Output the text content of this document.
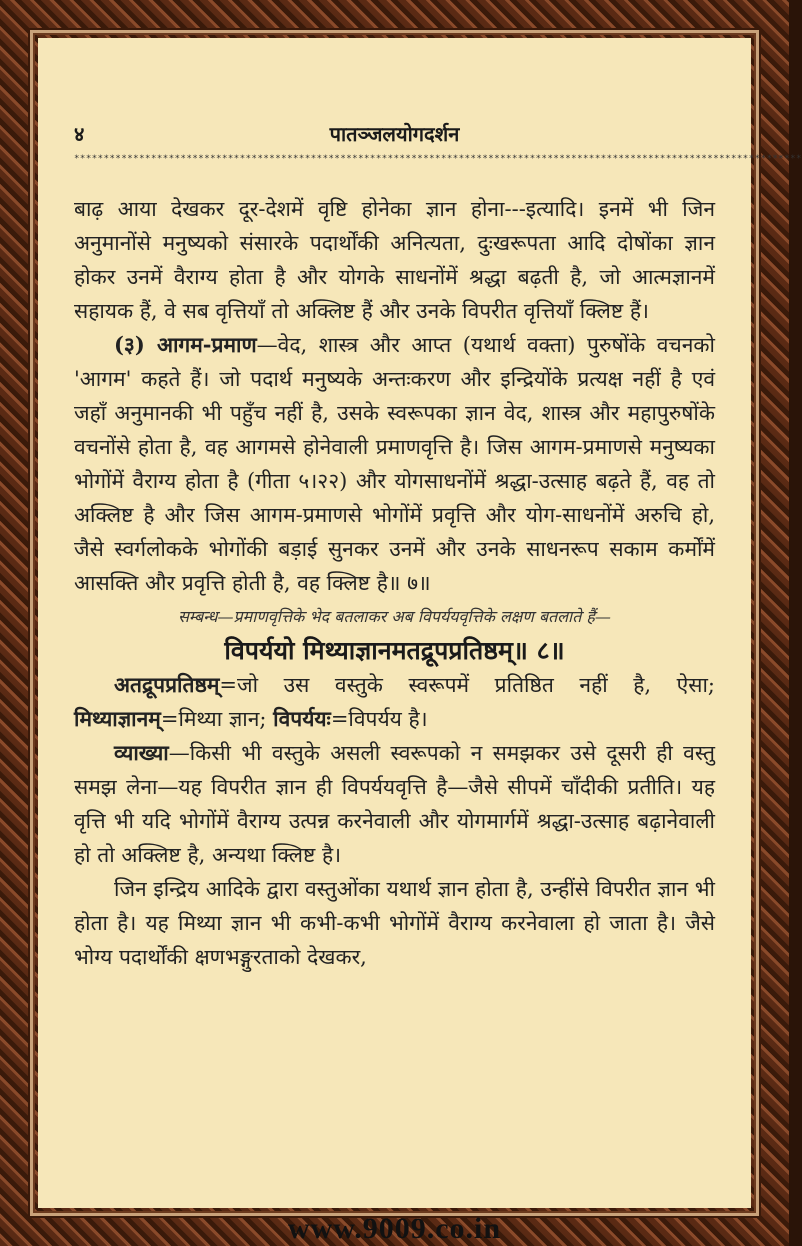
४	पातञ्जलयोगदर्शन
***************************************************************************************************************************

बाढ़ आया देखकर दूर-देशमें वृष्टि होनेका ज्ञान होना---इत्यादि। इनमें भी जिन अनुमानोंसे मनुष्यको संसारके पदार्थोंकी अनित्यता, दुःखरूपता आदि दोषोंका ज्ञान होकर उनमें वैराग्य होता है और योगके साधनोंमें श्रद्धा बढ़ती है, जो आत्मज्ञानमें सहायक हैं, वे सब वृत्तियाँ तो अक्लिष्ट हैं और उनके विपरीत वृत्तियाँ क्लिष्ट हैं।

(३) आगम-प्रमाण—वेद, शास्त्र और आप्त (यथार्थ वक्ता) पुरुषोंके वचनको 'आगम' कहते हैं। जो पदार्थ मनुष्यके अन्तःकरण और इन्द्रियोंके प्रत्यक्ष नहीं है एवं जहाँ अनुमानकी भी पहुँच नहीं है, उसके स्वरूपका ज्ञान वेद, शास्त्र और महापुरुषोंके वचनोंसे होता है, वह आगमसे होनेवाली प्रमाणवृत्ति है। जिस आगम-प्रमाणसे मनुष्यका भोगोंमें वैराग्य होता है (गीता ५।२२) और योगसाधनोंमें श्रद्धा-उत्साह बढ़ते हैं, वह तो अक्लिष्ट है और जिस आगम-प्रमाणसे भोगोंमें प्रवृत्ति और योग-साधनोंमें अरुचि हो, जैसे स्वर्गलोकके भोगोंकी बड़ाई सुनकर उनमें और उनके साधनरूप सकाम कर्मोंमें आसक्ति और प्रवृत्ति होती है, वह क्लिष्ट है॥ ७॥

सम्बन्ध—प्रमाणवृत्तिके भेद बतलाकर अब विपर्ययवृत्तिके लक्षण बतलाते हैं—

विपर्ययो मिथ्याज्ञानमतद्रूपप्रतिष्ठम्॥ ८॥

अतद्रूपप्रतिष्ठम्=जो उस वस्तुके स्वरूपमें प्रतिष्ठित नहीं है, ऐसा; मिथ्याज्ञानम्=मिथ्या ज्ञान; विपर्ययः=विपर्यय है।

व्याख्या—किसी भी वस्तुके असली स्वरूपको न समझकर उसे दूसरी ही वस्तु समझ लेना—यह विपरीत ज्ञान ही विपर्ययवृत्ति है—जैसे सीपमें चाँदीकी प्रतीति। यह वृत्ति भी यदि भोगोंमें वैराग्य उत्पन्न करनेवाली और योगमार्गमें श्रद्धा-उत्साह बढ़ानेवाली हो तो अक्लिष्ट है, अन्यथा क्लिष्ट है।

जिन इन्द्रिय आदिके द्वारा वस्तुओंका यथार्थ ज्ञान होता है, उन्हींसे विपरीत ज्ञान भी होता है। यह मिथ्या ज्ञान भी कभी-कभी भोगोंमें वैराग्य करनेवाला हो जाता है। जैसे भोग्य पदार्थोंकी क्षणभङ्गुरताको देखकर,

www.9009.co.in
